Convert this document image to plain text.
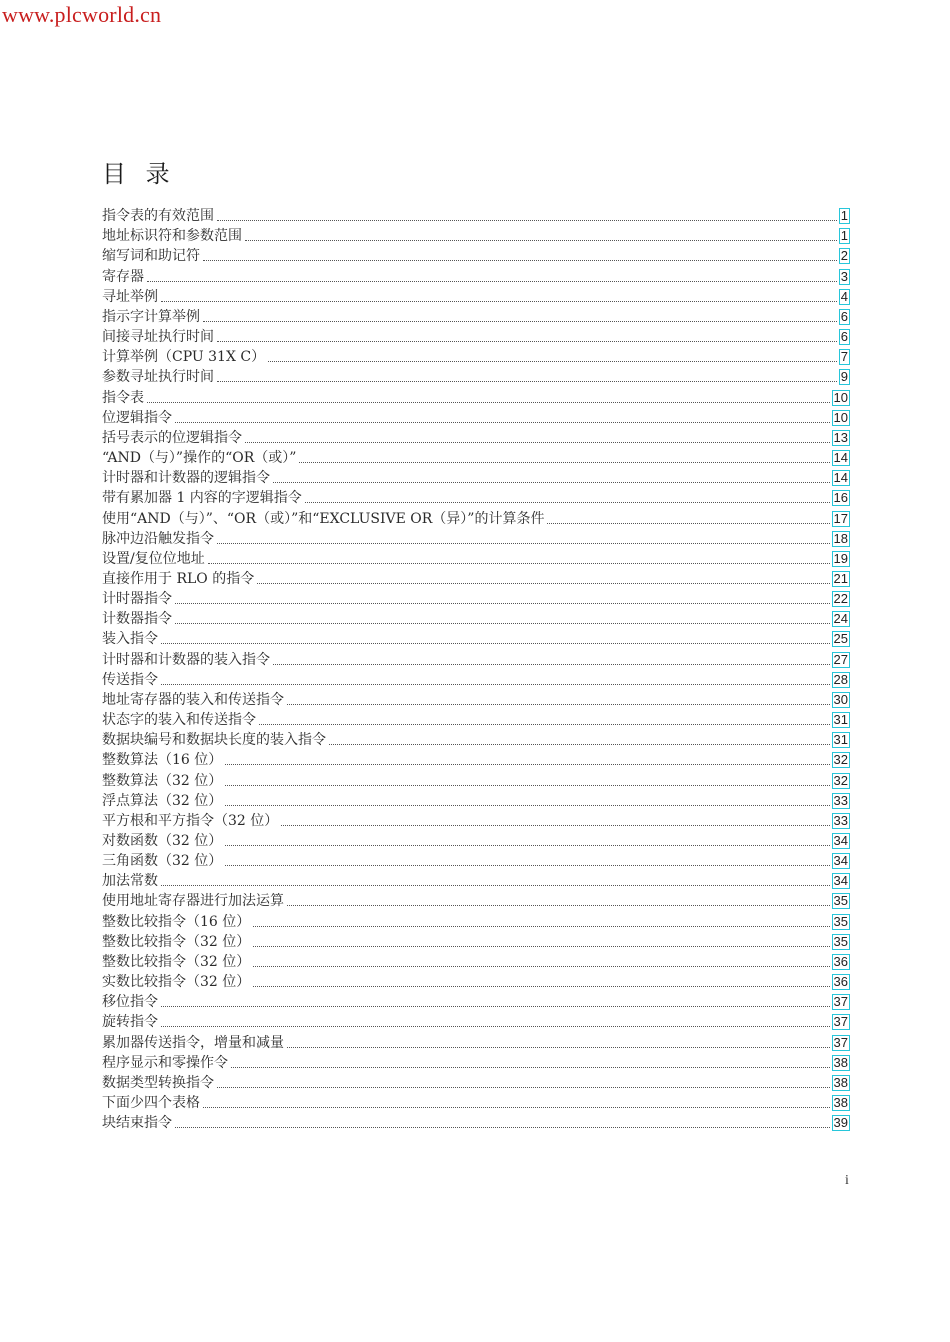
www.plcworld.cn
目 录
指令表的有效范围	1
地址标识符和参数范围	1
缩写词和助记符	2
寄存器	3
寻址举例	4
指示字计算举例	6
间接寻址执行时间	6
计算举例（CPU 31X C）	7
参数寻址执行时间	9
指令表	10
位逻辑指令	10
括号表示的位逻辑指令	13
“AND（与）”操作的“OR（或）”	14
计时器和计数器的逻辑指令	14
带有累加器 1 内容的字逻辑指令	16
使用“AND（与）”、“OR（或）”和“EXCLUSIVE OR（异）”的计算条件	17
脉冲边沿触发指令	18
设置/复位位地址	19
直接作用于 RLO 的指令	21
计时器指令	22
计数器指令	24
装入指令	25
计时器和计数器的装入指令	27
传送指令	28
地址寄存器的装入和传送指令	30
状态字的装入和传送指令	31
数据块编号和数据块长度的装入指令	31
整数算法（16 位）	32
整数算法（32 位）	32
浮点算法（32 位）	33
平方根和平方指令（32 位）	33
对数函数（32 位）	34
三角函数（32 位）	34
加法常数	34
使用地址寄存器进行加法运算	35
整数比较指令（16 位）	35
整数比较指令（32 位）	35
整数比较指令（32 位）	36
实数比较指令（32 位）	36
移位指令	37
旋转指令	37
累加器传送指令，增量和减量	37
程序显示和零操作令	38
数据类型转换指令	38
下面少四个表格	38
块结束指令	39
i
